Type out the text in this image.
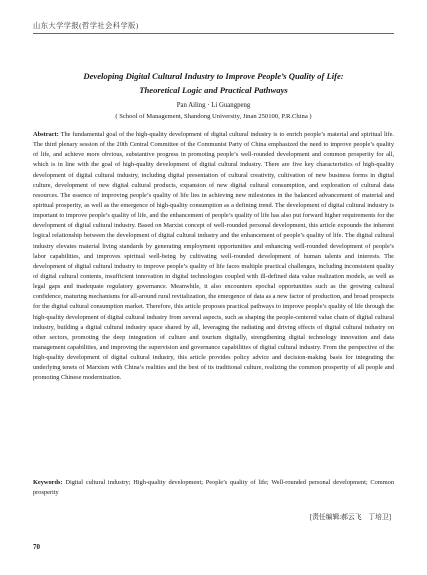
山东大学学报(哲学社会科学版)
Developing Digital Cultural Industry to Improve People’s Quality of Life:
Theoretical Logic and Practical Pathways
Pan Ailing · Li Guangpeng
( School of Management, Shandong University, Jinan 250100, P.R.China )
Abstract: The fundamental goal of the high-quality development of digital cultural industry is to enrich people’s material and spiritual life. The third plenary session of the 20th Central Committee of the Communist Party of China emphasized the need to improve people’s quality of life, and achieve more obvious, substantive progress in promoting people’s well-rounded development and common prosperity for all, which is in line with the goal of high-quality development of digital cultural industry. There are five key characteristics of high-quality development of digital cultural industry, including digital presentation of cultural creativity, cultivation of new business forms in digital culture, development of new digital cultural products, expansion of new digital cultural consumption, and exploration of cultural data resources. The essence of improving people’s quality of life lies in achieving new milestones in the balanced advancement of material and spiritual prosperity, as well as the emergence of high-quality consumption as a defining trend. The development of digital cultural industry is important to improve people’s quality of life, and the enhancement of people’s quality of life has also put forward higher requirements for the development of digital cultural industry. Based on Marxist concept of well-rounded personal development, this article expounds the inherent logical relationship between the development of digital cultural industry and the enhancement of people’s quality of life. The digital cultural industry elevates material living standards by generating employment opportunities and enhancing well-rounded development of people’s labor capabilities, and improves spiritual well-being by cultivating well-rounded development of human talents and interests. The development of digital cultural industry to improve people’s quality of life faces multiple practical challenges, including inconsistent quality of digital cultural contents, insufficient innovation in digital technologies coupled with ill-defined data value realization models, as well as legal gaps and inadequate regulatory governance. Meanwhile, it also encounters epochal opportunities such as the growing cultural confidence, maturing mechanisms for all-around rural revitalization, the emergence of data as a new factor of production, and broad prospects for the digital cultural consumption market. Therefore, this article proposes practical pathways to improve people’s quality of life through the high-quality development of digital cultural industry from several aspects, such as shaping the people-centered value chain of digital cultural industry, building a digital cultural industry space shared by all, leveraging the radiating and driving effects of digital cultural industry on other sectors, promoting the deep integration of culture and tourism digitally, strengthening digital technology innovation and data management capabilities, and improving the supervision and governance capabilities of digital cultural industry. From the perspective of the high-quality development of digital cultural industry, this article provides policy advice and decision-making basis for integrating the underlying tenets of Marxism with China’s realities and the best of its traditional culture, realizing the common prosperity of all people and promoting Chinese modernization.
Keywords: Digital cultural industry; High-quality development; People’s quality of life; Well-rounded personal development; Common prosperity
[责任编辑:郝云飞　丁培卫]
70
